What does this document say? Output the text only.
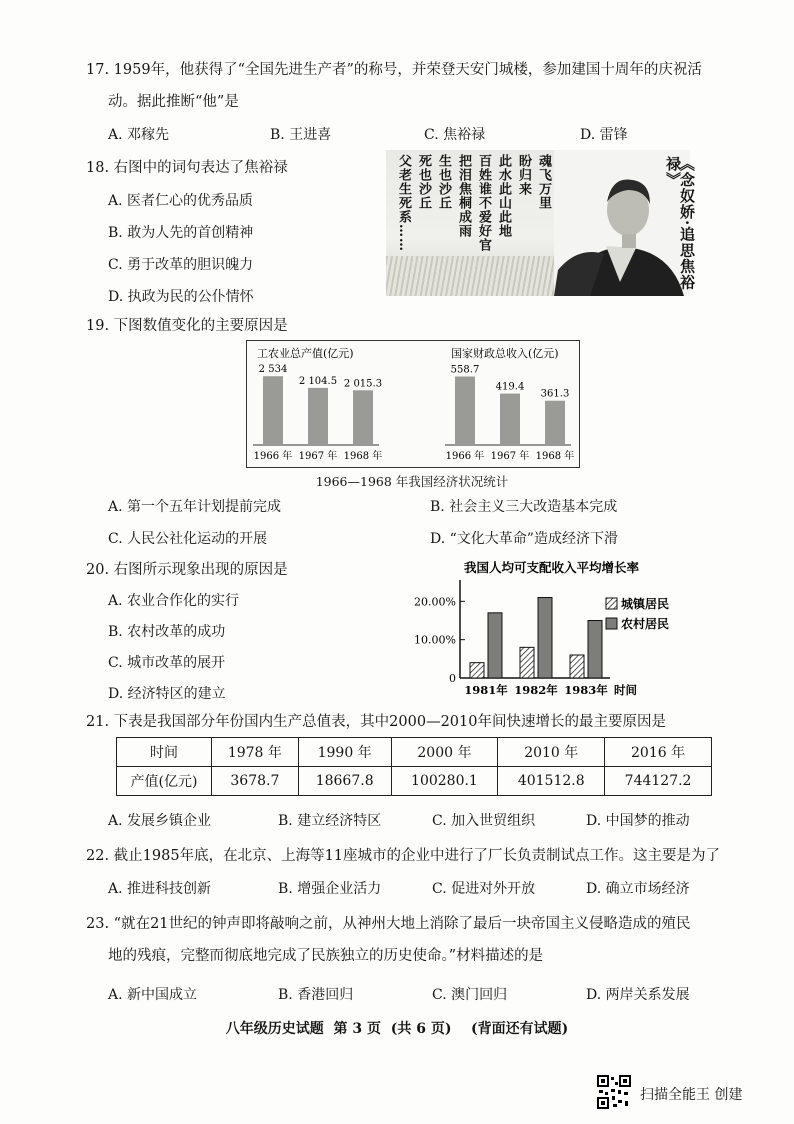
17. 1959年，他获得了“全国先进生产者”的称号，并荣登天安门城楼，参加建国十周年的庆祝活
动。据此推断“他”是
A. 邓稼先	B. 王进喜	C. 焦裕禄	D. 雷锋
18. 右图中的词句表达了焦裕禄
A. 医者仁心的优秀品质
B. 敢为人先的首创精神
C. 勇于改革的胆识魄力
D. 执政为民的公仆情怀
魂飞万里
盼归来
此水此山此地
百姓谁不爱好官
把泪焦桐成雨
生也沙丘
死也沙丘
父老生死系……	《念奴娇·追思焦裕禄》
19. 下图数值变化的主要原因是
工农业总产值(亿元)	国家财政总收入(亿元)
2 534
1966 年
2 104.5
1967 年
2 015.3
1968 年
558.7
1966 年
419.4
1967 年
361.3
1968 年
1966—1968 年我国经济状况统计
A. 第一个五年计划提前完成	B. 社会主义三大改造基本完成
C. 人民公社化运动的开展	D. “文化大革命”造成经济下滑
20. 右图所示现象出现的原因是
A. 农业合作化的实行
B. 农村改革的成功
C. 城市改革的展开
D. 经济特区的建立
我国人均可支配收入平均增长率
0
10.00%
20.00%
1981年 1982年 1983年 时间
城镇居民
农村居民
21. 下表是我国部分年份国内生产总值表，其中2000—2010年间快速增长的最主要原因是
时间	1978 年	1990 年	2000 年	2010 年	2016 年
产值(亿元)	3678.7	18667.8	100280.1	401512.8	744127.2
A. 发展乡镇企业	B. 建立经济特区	C. 加入世贸组织	D. 中国梦的推动
22. 截止1985年底，在北京、上海等11座城市的企业中进行了厂长负责制试点工作。这主要是为了
A. 推进科技创新	B. 增强企业活力	C. 促进对外开放	D. 确立市场经济
23. “就在21世纪的钟声即将敲响之前，从神州大地上消除了最后一块帝国主义侵略造成的殖民
地的残痕，完整而彻底地完成了民族独立的历史使命。”材料描述的是
A. 新中国成立	B. 香港回归	C. 澳门回归	D. 两岸关系发展
八年级历史试题  第 3 页  (共 6 页)    (背面还有试题)
扫描全能王 创建
